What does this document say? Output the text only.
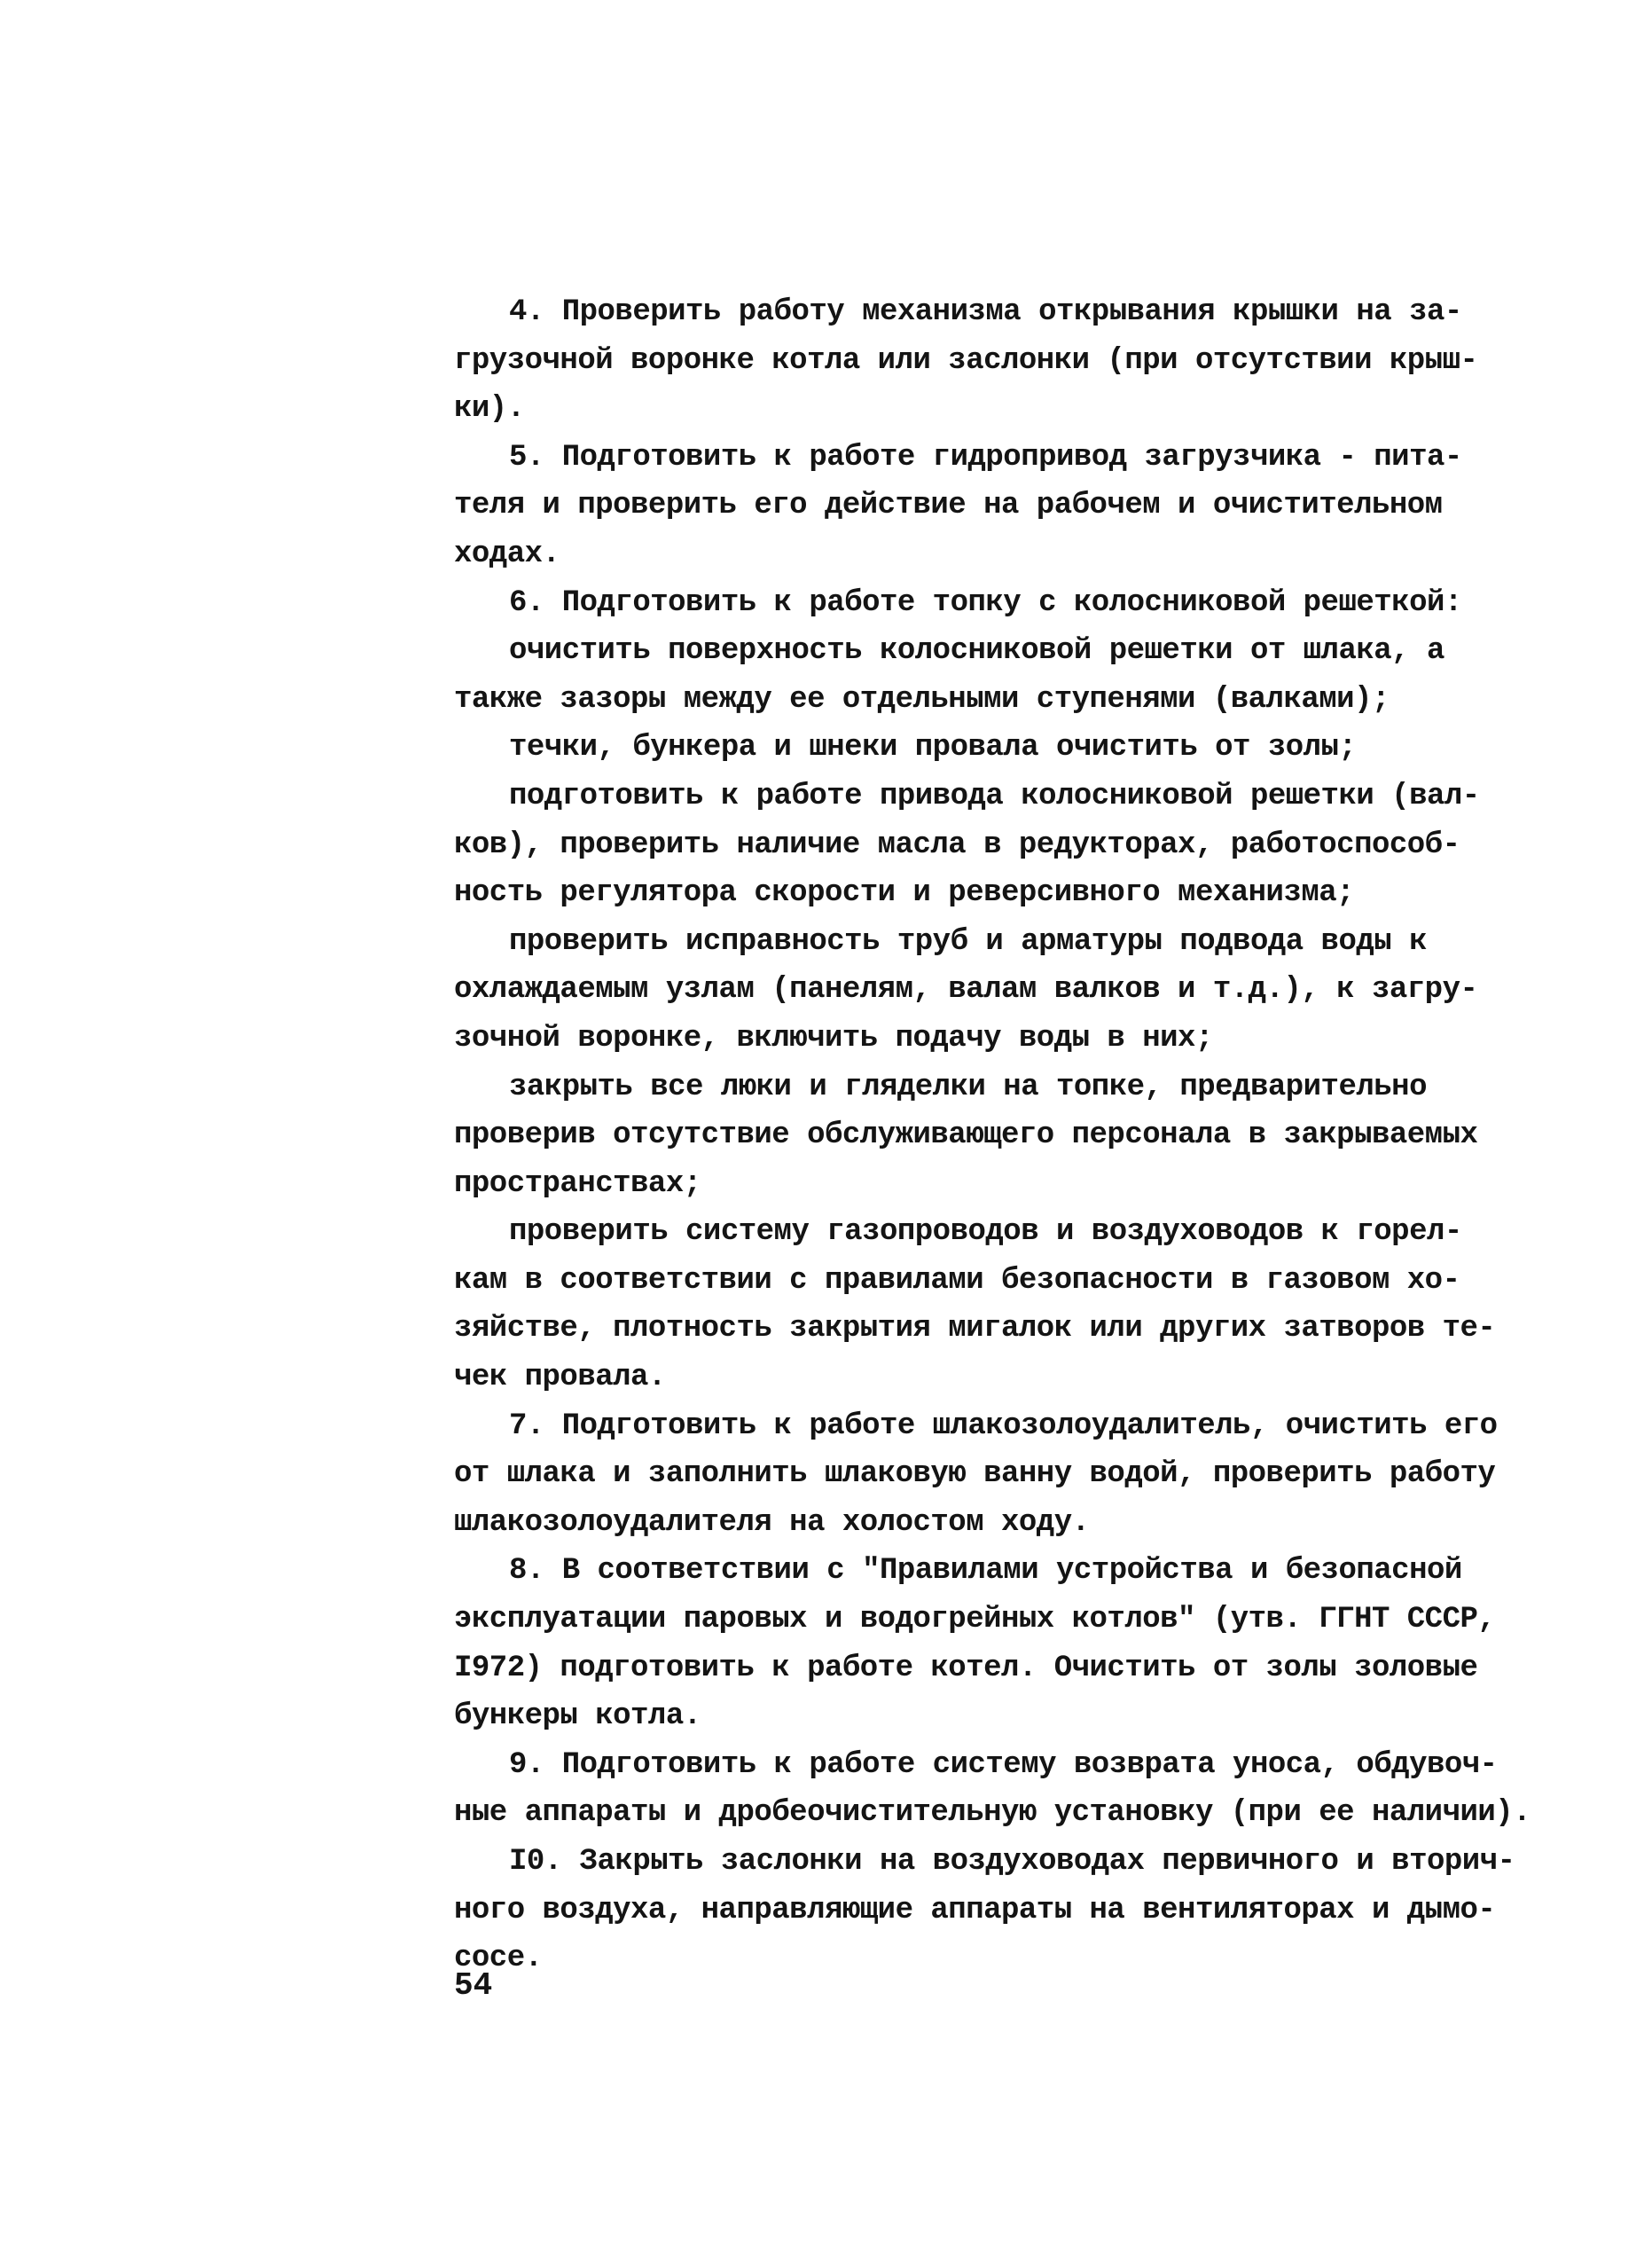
4. Проверить работу механизма открывания крышки на за-
грузочной воронке котла или заслонки (при отсутствии крыш-
ки).

5. Подготовить к работе гидропривод загрузчика - пита-
теля и проверить его действие на рабочем и очистительном
ходах.

6. Подготовить к работе топку с колосниковой решеткой:

очистить поверхность колосниковой решетки от шлака, а
также зазоры между ее отдельными ступенями (валками);

течки, бункера и шнеки провала очистить от золы;

подготовить к работе привода колосниковой решетки (вал-
ков), проверить наличие масла в редукторах, работоспособ-
ность регулятора скорости и реверсивного механизма;

проверить исправность труб и арматуры подвода воды к
охлаждаемым узлам (панелям, валам валков и т.д.), к загру-
зочной воронке, включить подачу воды в них;

закрыть все люки и гляделки на топке, предварительно
проверив отсутствие обслуживающего персонала в закрываемых
пространствах;

проверить систему газопроводов и воздуховодов к горел-
кам в соответствии с правилами безопасности в газовом хо-
зяйстве, плотность закрытия мигалок или других затворов те-
чек провала.

7. Подготовить к работе шлакозолоудалитель, очистить его
от шлака и заполнить шлаковую ванну водой, проверить работу
шлакозолоудалителя на холостом ходу.

8. В соответствии с "Правилами устройства и безопасной
эксплуатации паровых и водогрейных котлов" (утв. ГГНТ СССР,
I972) подготовить к работе котел. Очистить от золы золовые
бункеры котла.

9. Подготовить к работе систему возврата уноса, обдувоч-
ные аппараты и дробеочистительную установку (при ее наличии).

I0. Закрыть заслонки на воздуховодах первичного и вторич-
ного воздуха, направляющие аппараты на вентиляторах и дымо-
сосе.

54
